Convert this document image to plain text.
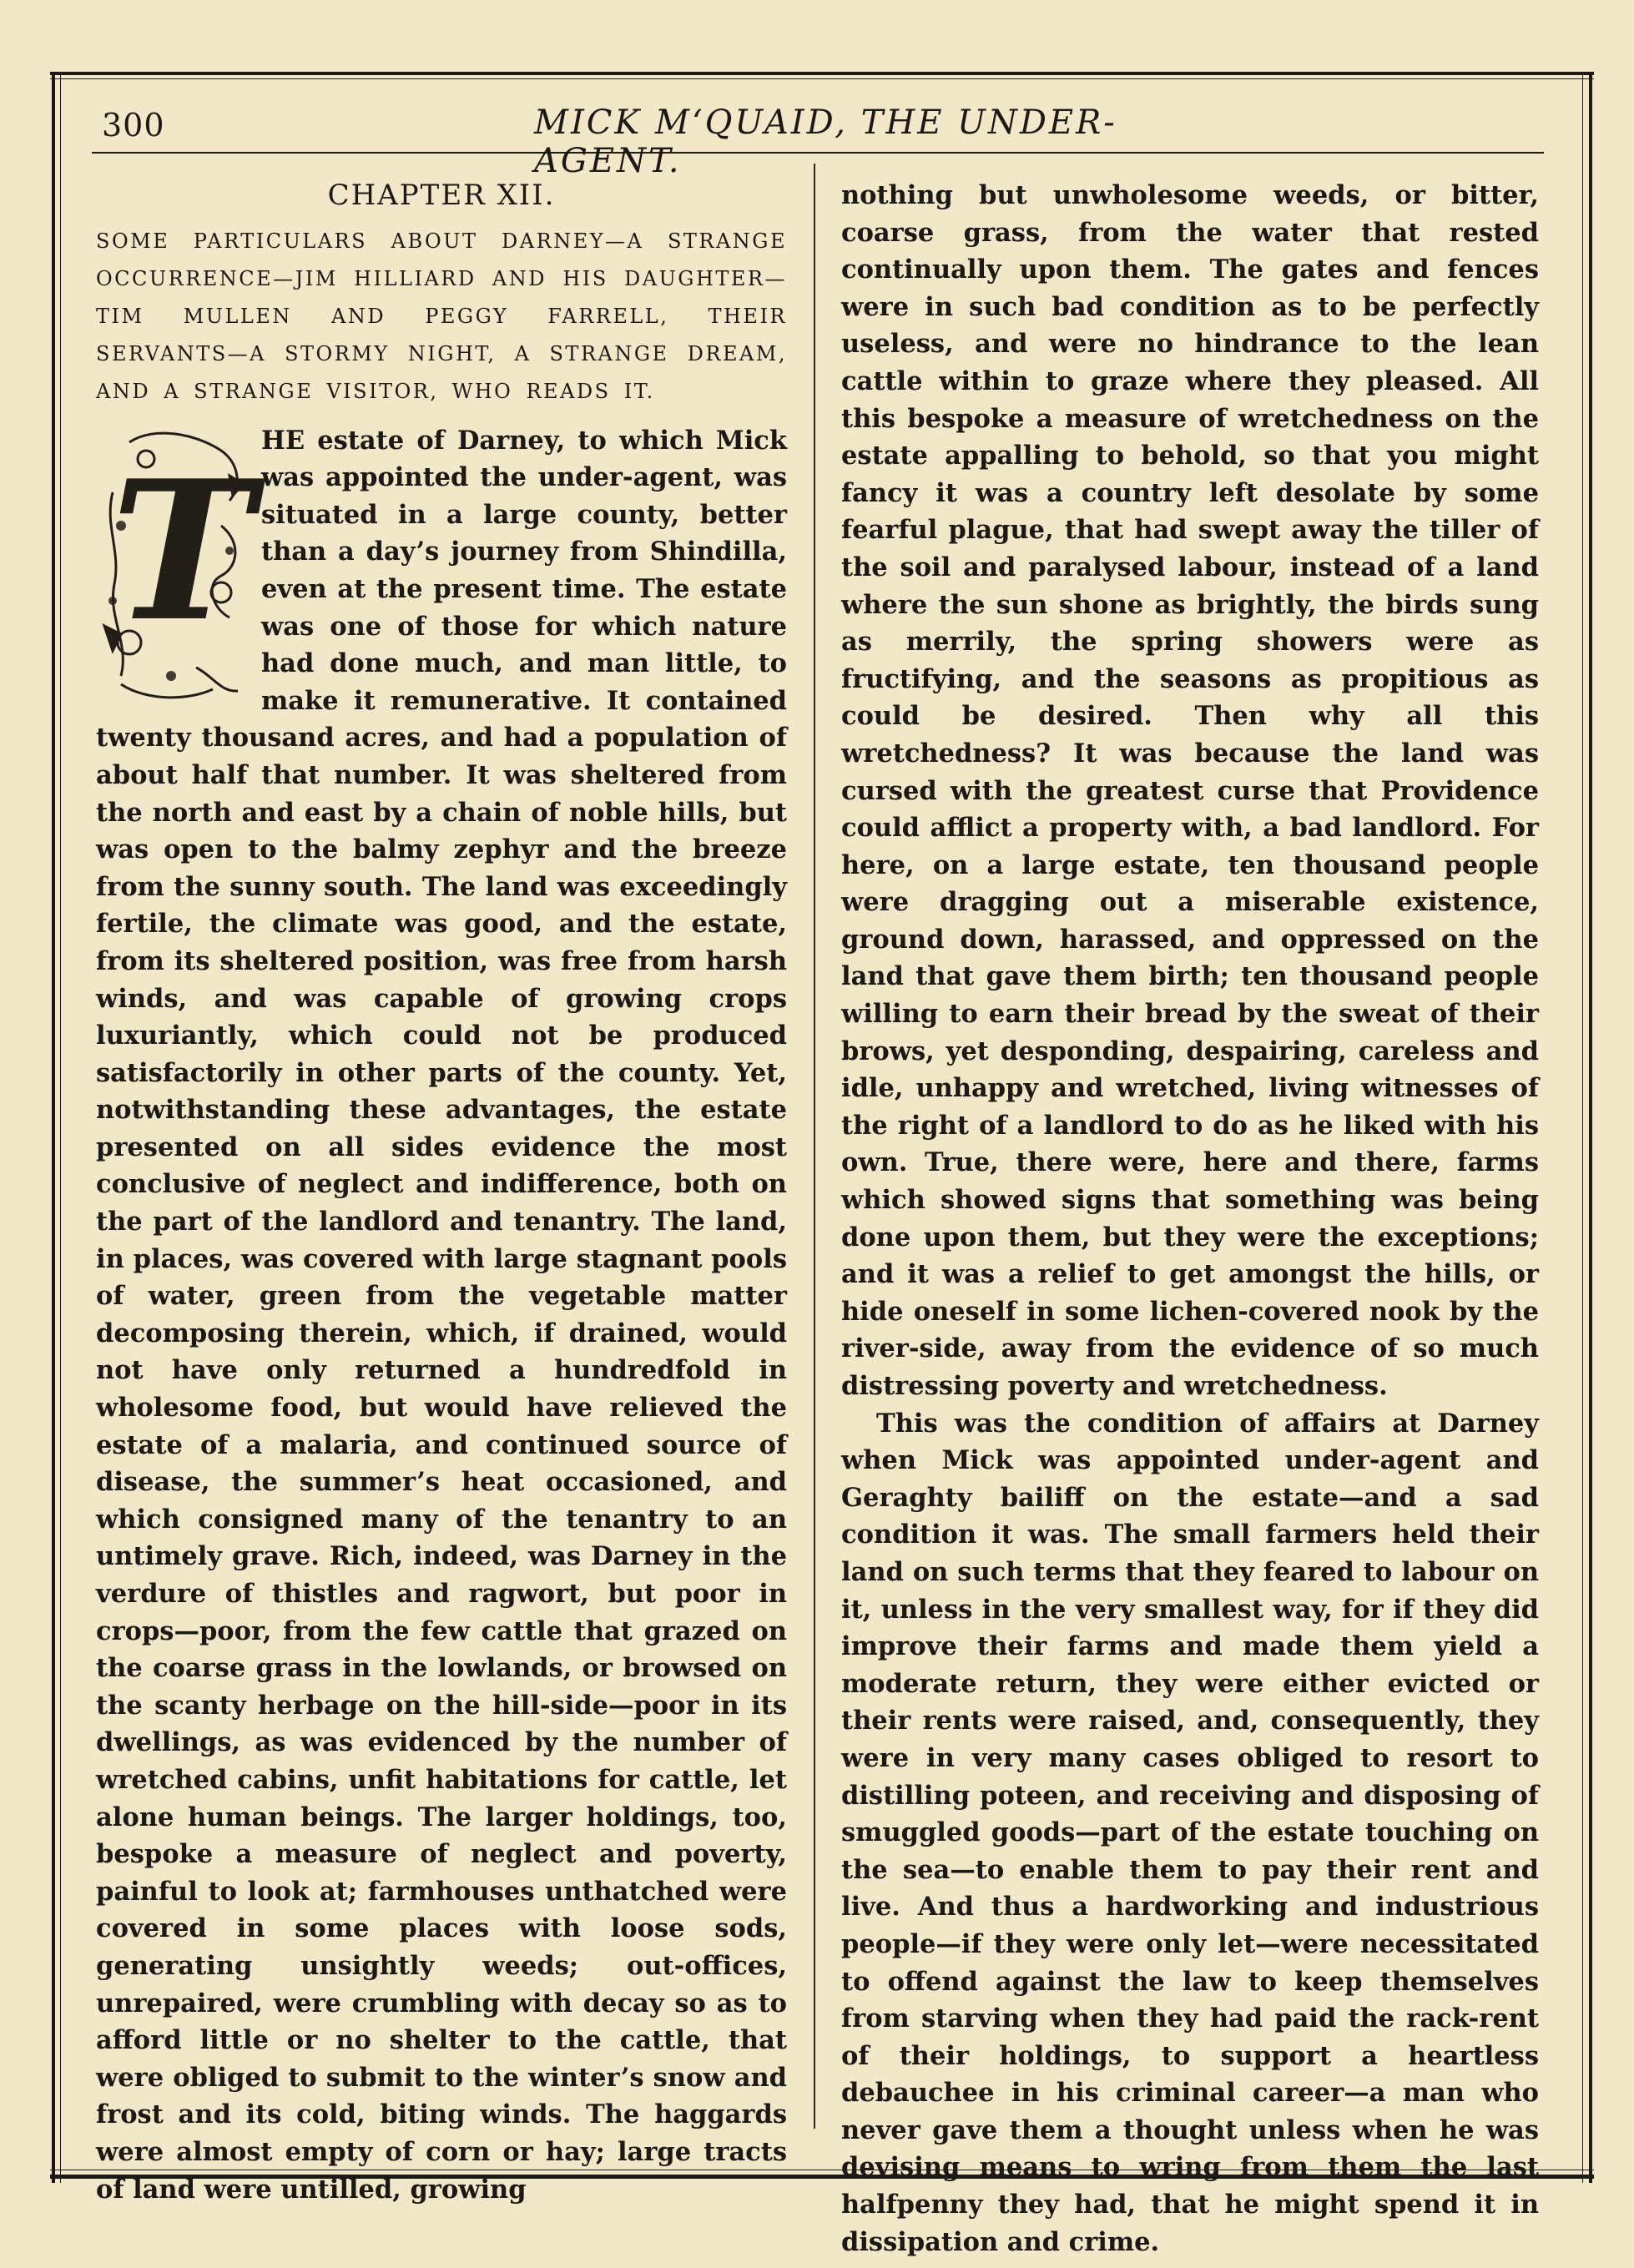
300	MICK M‘QUAID, THE UNDER-AGENT.
CHAPTER XII.
SOME PARTICULARS ABOUT DARNEY—A STRANGE OCCURRENCE—JIM HILLIARD AND HIS DAUGHTER—TIM MULLEN AND PEGGY FARRELL, THEIR SERVANTS—A STORMY NIGHT, A STRANGE DREAM, AND A STRANGE VISITOR, WHO READS IT.
T HE estate of Darney, to which Mick was appointed the under-agent, was situated in a large county, better than a day’s journey from Shindilla, even at the present time. The estate was one of those for which nature had done much, and man little, to make it remunerative. It contained twenty thousand acres, and had a population of about half that number. It was sheltered from the north and east by a chain of noble hills, but was open to the balmy zephyr and the breeze from the sunny south. The land was exceedingly fertile, the climate was good, and the estate, from its sheltered position, was free from harsh winds, and was capable of growing crops luxuriantly, which could not be produced satisfactorily in other parts of the county. Yet, notwithstanding these advantages, the estate presented on all sides evidence the most conclusive of neglect and indifference, both on the part of the landlord and tenantry. The land, in places, was covered with large stagnant pools of water, green from the vegetable matter decomposing therein, which, if drained, would not have only returned a hundredfold in wholesome food, but would have relieved the estate of a malaria, and continued source of disease, the summer’s heat occasioned, and which consigned many of the tenantry to an untimely grave. Rich, indeed, was Darney in the verdure of thistles and ragwort, but poor in crops—poor, from the few cattle that grazed on the coarse grass in the lowlands, or browsed on the scanty herbage on the hill-side—poor in its dwellings, as was evidenced by the number of wretched cabins, unfit habitations for cattle, let alone human beings. The larger holdings, too, bespoke a measure of neglect and poverty, painful to look at; farmhouses unthatched were covered in some places with loose sods, generating unsightly weeds; out-offices, unrepaired, were crumbling with decay so as to afford little or no shelter to the cattle, that were obliged to submit to the winter’s snow and frost and its cold, biting winds. The haggards were almost empty of corn or hay; large tracts of land were untilled, growing

nothing but unwholesome weeds, or bitter, coarse grass, from the water that rested continually upon them. The gates and fences were in such bad condition as to be perfectly useless, and were no hindrance to the lean cattle within to graze where they pleased. All this bespoke a measure of wretchedness on the estate appalling to behold, so that you might fancy it was a country left desolate by some fearful plague, that had swept away the tiller of the soil and paralysed labour, instead of a land where the sun shone as brightly, the birds sung as merrily, the spring showers were as fructifying, and the seasons as propitious as could be desired. Then why all this wretchedness? It was because the land was cursed with the greatest curse that Providence could afflict a property with, a bad landlord. For here, on a large estate, ten thousand people were dragging out a miserable existence, ground down, harassed, and oppressed on the land that gave them birth; ten thousand people willing to earn their bread by the sweat of their brows, yet desponding, despairing, careless and idle, unhappy and wretched, living witnesses of the right of a landlord to do as he liked with his own. True, there were, here and there, farms which showed signs that something was being done upon them, but they were the exceptions; and it was a relief to get amongst the hills, or hide oneself in some lichen-covered nook by the river-side, away from the evidence of so much distressing poverty and wretchedness.

This was the condition of affairs at Darney when Mick was appointed under-agent and Geraghty bailiff on the estate—and a sad condition it was. The small farmers held their land on such terms that they feared to labour on it, unless in the very smallest way, for if they did improve their farms and made them yield a moderate return, they were either evicted or their rents were raised, and, consequently, they were in very many cases obliged to resort to distilling poteen, and receiving and disposing of smuggled goods—part of the estate touching on the sea—to enable them to pay their rent and live. And thus a hardworking and industrious people—if they were only let—were necessitated to offend against the law to keep themselves from starving when they had paid the rack-rent of their holdings, to support a heartless debauchee in his criminal career—a man who never gave them a thought unless when he was devising means to wring from them the last halfpenny they had, that he might spend it in dissipation and crime.
